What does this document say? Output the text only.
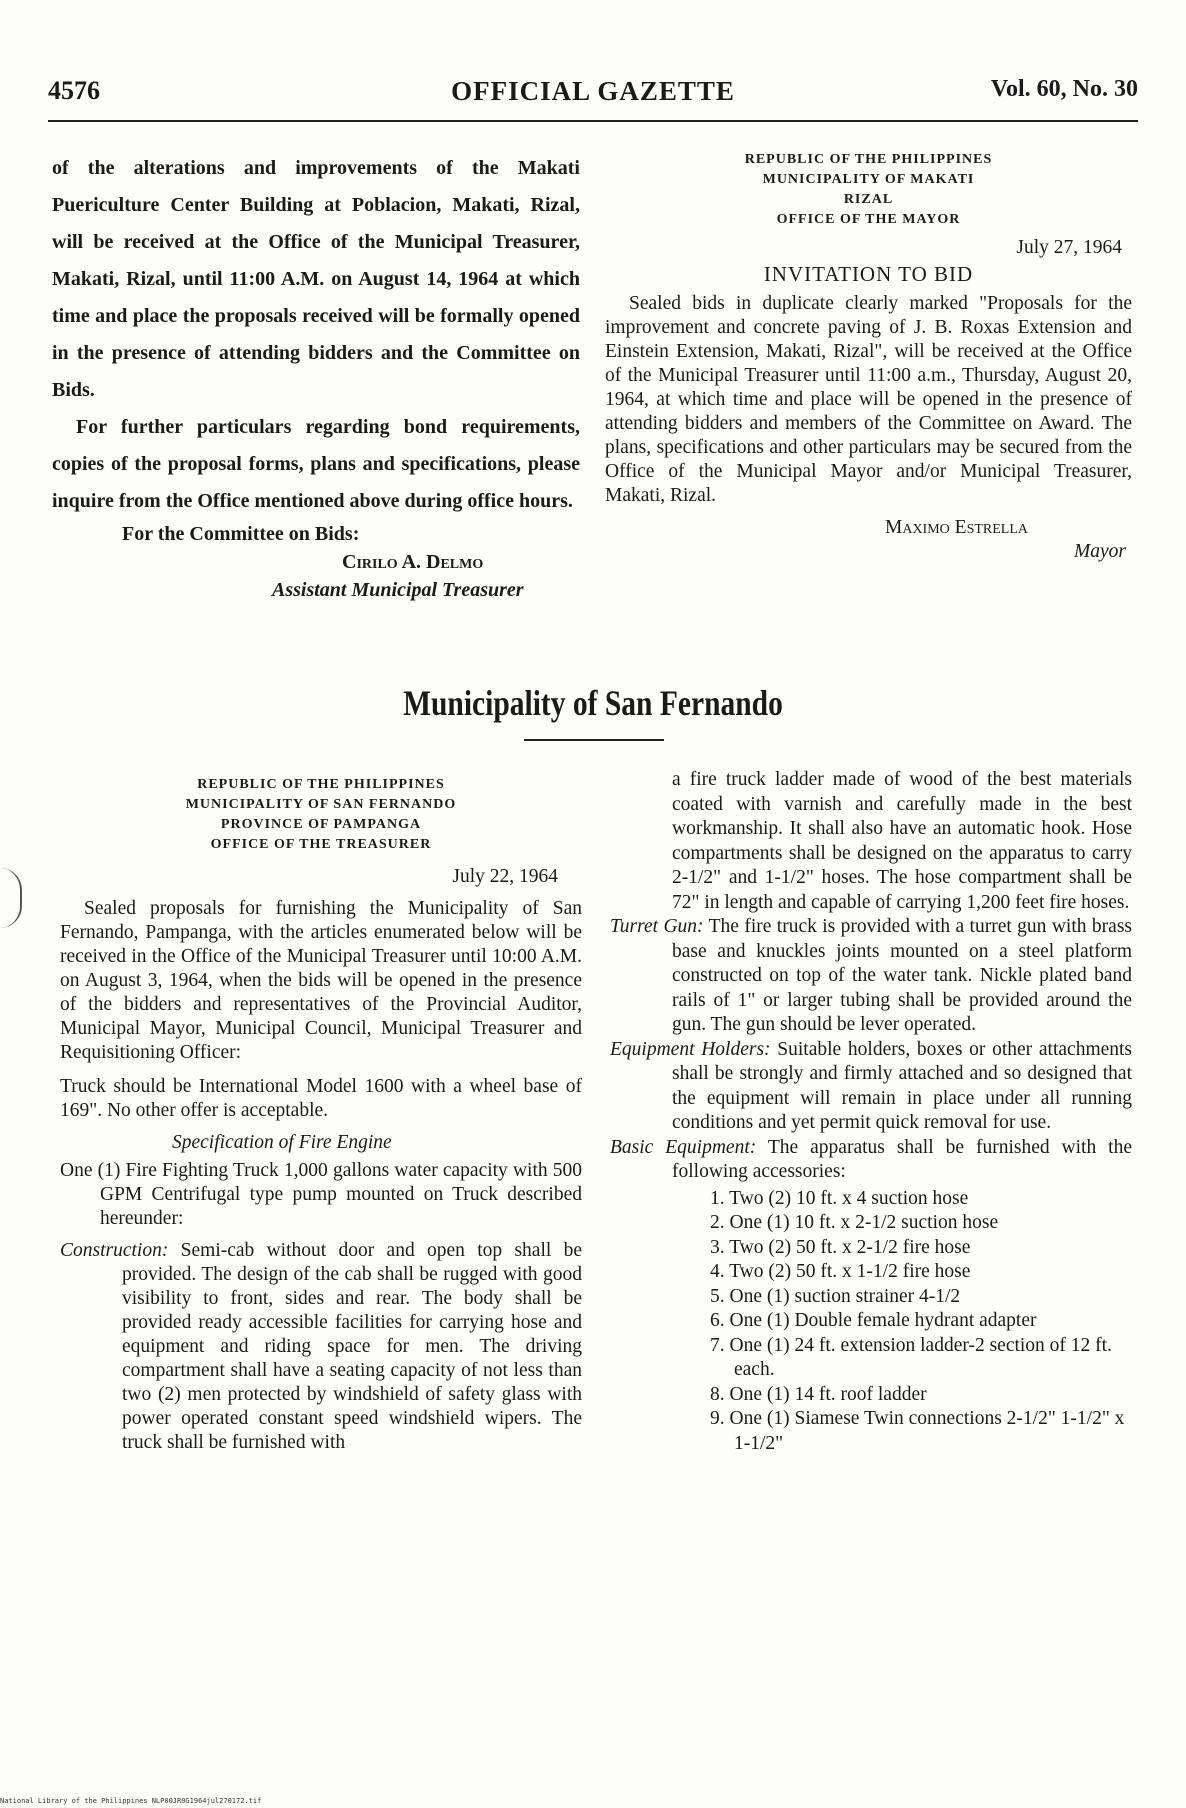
4576	OFFICIAL GAZETTE	Vol. 60, No. 30

of the alterations and improvements of the Makati Puericulture Center Building at Poblacion, Makati, Rizal, will be received at the Office of the Municipal Treasurer, Makati, Rizal, until 11:00 A.M. on August 14, 1964 at which time and place the proposals received will be formally opened in the presence of attending bidders and the Committee on Bids.

For further particulars regarding bond requirements, copies of the proposal forms, plans and specifications, please inquire from the Office mentioned above during office hours.

For the Committee on Bids:
Cirilo A. Delmo
Assistant Municipal Treasurer
REPUBLIC OF THE PHILIPPINES
MUNICIPALITY OF MAKATI
RIZAL
OFFICE OF THE MAYOR
July 27, 1964
INVITATION TO BID

Sealed bids in duplicate clearly marked "Proposals for the improvement and concrete paving of J. B. Roxas Extension and Einstein Extension, Makati, Rizal", will be received at the Office of the Municipal Treasurer until 11:00 a.m., Thursday, August 20, 1964, at which time and place will be opened in the presence of attending bidders and members of the Committee on Award. The plans, specifications and other particulars may be secured from the Office of the Municipal Mayor and/or Municipal Treasurer, Makati, Rizal.

Maximo Estrella
Mayor
Municipality of San Fernando
REPUBLIC OF THE PHILIPPINES
MUNICIPALITY OF SAN FERNANDO
PROVINCE OF PAMPANGA
OFFICE OF THE TREASURER
July 22, 1964

Sealed proposals for furnishing the Municipality of San Fernando, Pampanga, with the articles enumerated below will be received in the Office of the Municipal Treasurer until 10:00 A.M. on August 3, 1964, when the bids will be opened in the presence of the bidders and representatives of the Provincial Auditor, Municipal Mayor, Municipal Council, Municipal Treasurer and Requisitioning Officer:

Truck should be International Model 1600 with a wheel base of 169". No other offer is acceptable.

Specification of Fire Engine

One (1) Fire Fighting Truck 1,000 gallons water capacity with 500 GPM Centrifugal type pump mounted on Truck described hereunder:

Construction: Semi-cab without door and open top shall be provided. The design of the cab shall be rugged with good visibility to front, sides and rear. The body shall be provided ready accessible facilities for carrying hose and equipment and riding space for men. The driving compartment shall have a seating capacity of not less than two (2) men protected by windshield of safety glass with power operated constant speed windshield wipers. The truck shall be furnished with

a fire truck ladder made of wood of the best materials coated with varnish and carefully made in the best workmanship. It shall also have an automatic hook. Hose compartments shall be designed on the apparatus to carry 2-1/2" and 1-1/2" hoses. The hose compartment shall be 72" in length and capable of carrying 1,200 feet fire hoses.

Turret Gun: The fire truck is provided with a turret gun with brass base and knuckles joints mounted on a steel platform constructed on top of the water tank. Nickle plated band rails of 1" or larger tubing shall be provided around the gun. The gun should be lever operated.

Equipment Holders: Suitable holders, boxes or other attachments shall be strongly and firmly attached and so designed that the equipment will remain in place under all running conditions and yet permit quick removal for use.

Basic Equipment: The apparatus shall be furnished with the following accessories:

1. Two (2) 10 ft. x 4 suction hose
2. One (1) 10 ft. x 2-1/2 suction hose
3. Two (2) 50 ft. x 2-1/2 fire hose
4. Two (2) 50 ft. x 1-1/2 fire hose
5. One (1) suction strainer 4-1/2
6. One (1) Double female hydrant adapter
7. One (1) 24 ft. extension ladder-2 section of 12 ft. each.
8. One (1) 14 ft. roof ladder
9. One (1) Siamese Twin connections 2-1/2" 1-1/2" x 1-1/2"
National Library of the Philippines NLP00JR0G1964jul270172.tif
